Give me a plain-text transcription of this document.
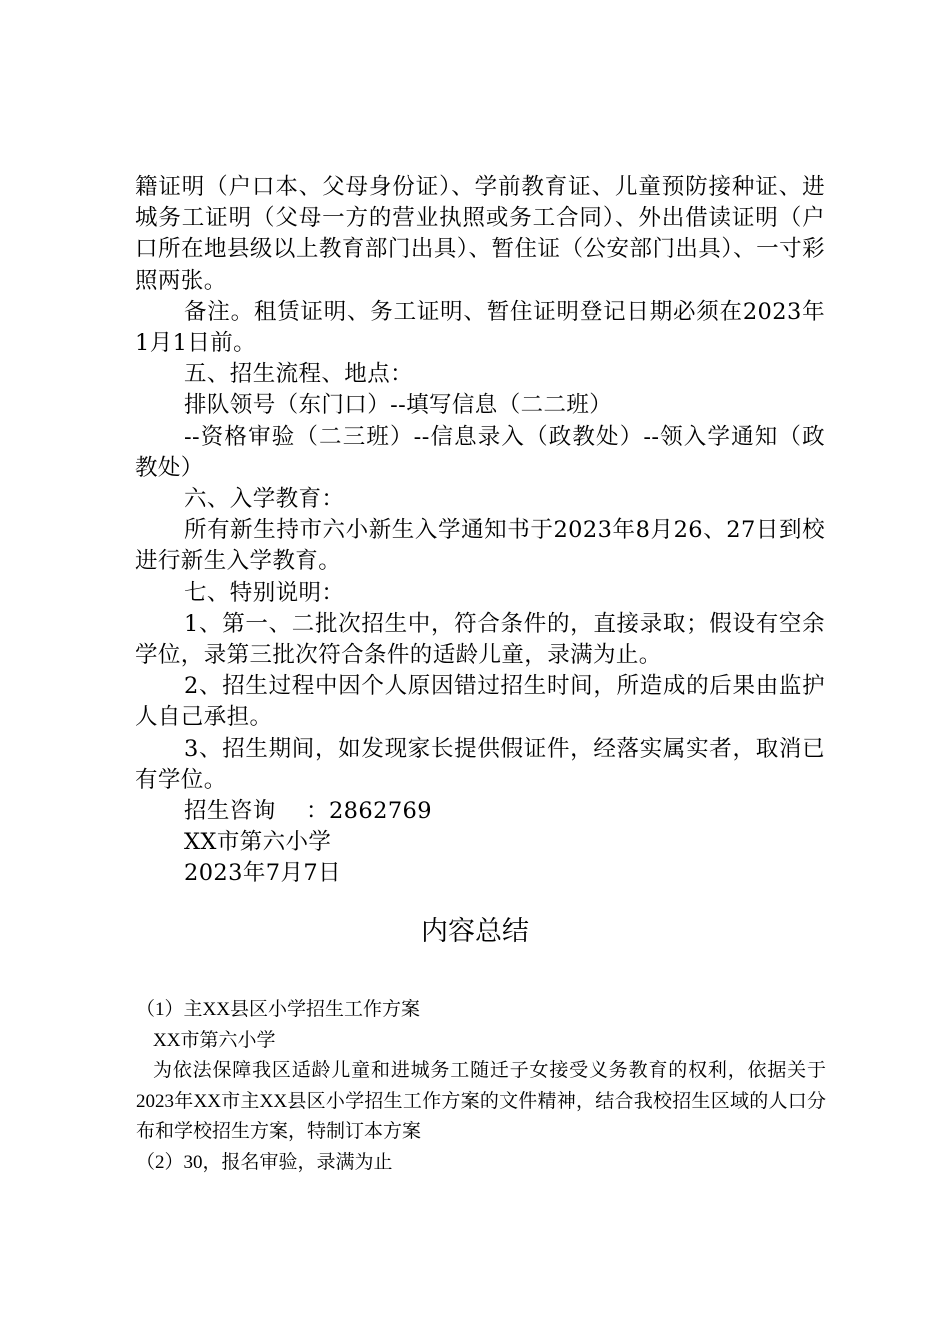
籍证明（户口本、父母身份证）、学前教育证、儿童预防接种证、进城务工证明（父母一方的营业执照或务工合同）、外出借读证明（户口所在地县级以上教育部门出具）、暂住证（公安部门出具）、一寸彩照两张。

备注。租赁证明、务工证明、暂住证明登记日期必须在2023年1月1日前。

五、招生流程、地点：

排队领号（东门口）--填写信息（二二班）

--资格审验（二三班）--信息录入（政教处）--领入学通知（政教处）

六、入学教育：

所有新生持市六小新生入学通知书于2023年8月26、27日到校进行新生入学教育。

七、特别说明：

1、第一、二批次招生中，符合条件的，直接录取；假设有空余学位，录第三批次符合条件的适龄儿童，录满为止。

2、招生过程中因个人原因错过招生时间，所造成的后果由监护人自己承担。

3、招生期间，如发现家长提供假证件，经落实属实者，取消已有学位。

招生咨询　 ：2862769

XX市第六小学

2023年7月7日

内容总结

（1）主XX县区小学招生工作方案

XX市第六小学

为依法保障我区适龄儿童和进城务工随迁子女接受义务教育的权利，依据关于2023年XX市主XX县区小学招生工作方案的文件精神，结合我校招生区域的人口分布和学校招生方案，特制订本方案

（2）30，报名审验，录满为止
